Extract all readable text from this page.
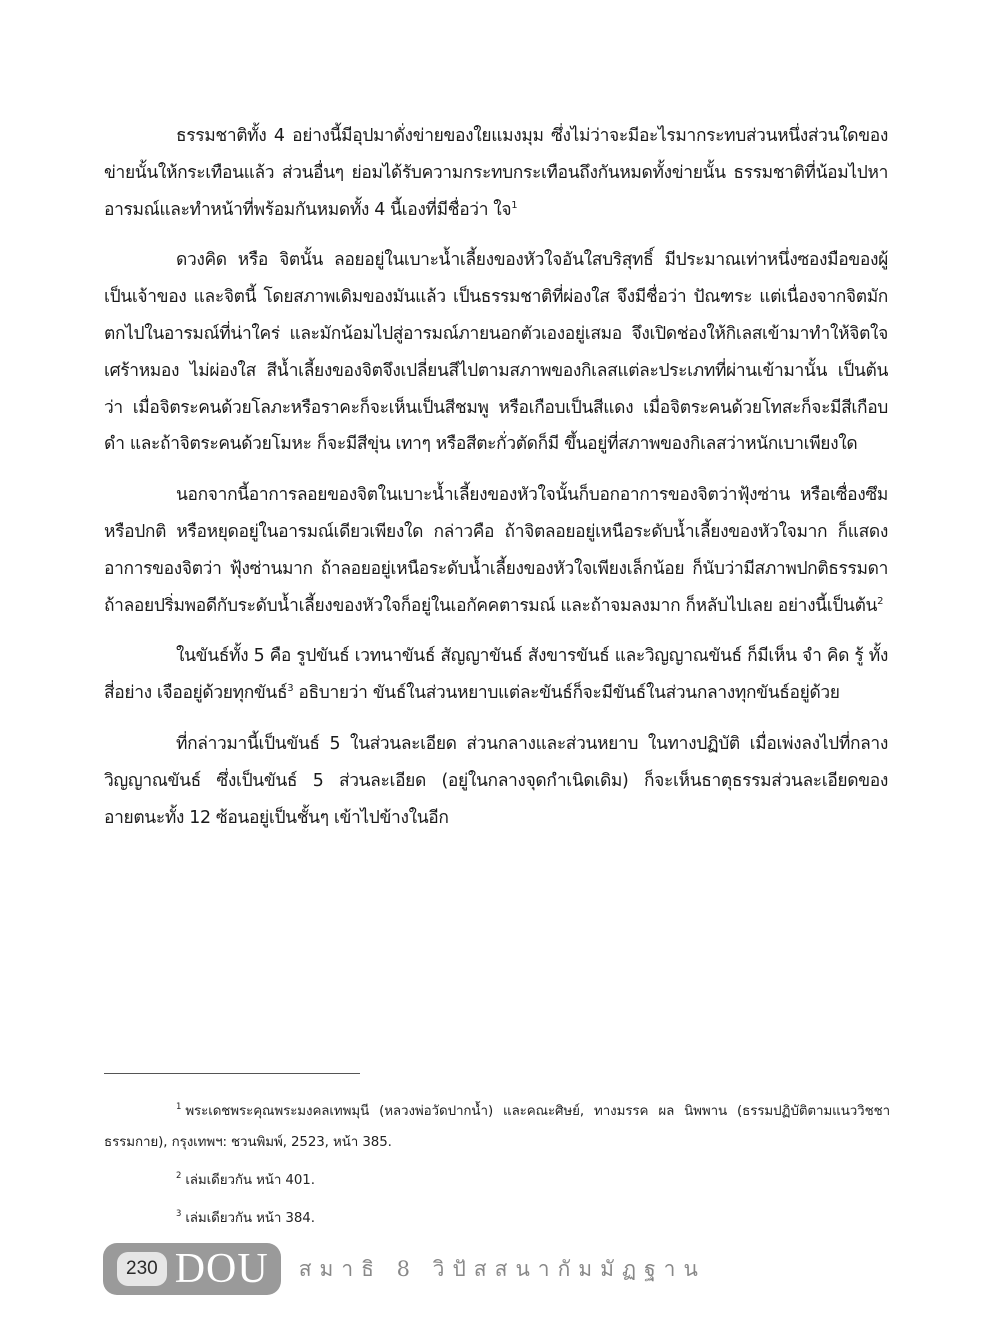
ธรรมชาติทั้ง 4 อย่างนี้มีอุปมาดั่งข่ายของใยแมงมุม ซึ่งไม่ว่าจะมีอะไรมากระทบส่วนหนึ่งส่วนใดของข่ายนั้นให้กระเทือนแล้ว ส่วนอื่นๆ ย่อมได้รับความกระทบกระเทือนถึงกันหมดทั้งข่ายนั้น ธรรมชาติที่น้อมไปหาอารมณ์และทำหน้าที่พร้อมกันหมดทั้ง 4 นี้เองที่มีชื่อว่า ใจ$^1$

ดวงคิด หรือ จิตนั้น ลอยอยู่ในเบาะน้ำเลี้ยงของหัวใจอันใสบริสุทธิ์ มีประมาณเท่าหนึ่งซองมือของผู้เป็นเจ้าของ และจิตนี้ โดยสภาพเดิมของมันแล้ว เป็นธรรมชาติที่ผ่องใส จึงมีชื่อว่า ปัณฑระ แต่เนื่องจากจิตมักตกไปในอารมณ์ที่น่าใคร่ และมักน้อมไปสู่อารมณ์ภายนอกตัวเองอยู่เสมอ จึงเปิดช่องให้กิเลสเข้ามาทำให้จิตใจเศร้าหมอง ไม่ผ่องใส สีน้ำเลี้ยงของจิตจึงเปลี่ยนสีไปตามสภาพของกิเลสแต่ละประเภทที่ผ่านเข้ามานั้น เป็นต้นว่า เมื่อจิตระคนด้วยโลภะหรือราคะก็จะเห็นเป็นสีชมพู หรือเกือบเป็นสีแดง เมื่อจิตระคนด้วยโทสะก็จะมีสีเกือบดำ และถ้าจิตระคนด้วยโมหะ ก็จะมีสีขุ่น เทาๆ หรือสีตะกั่วตัดก็มี ขึ้นอยู่ที่สภาพของกิเลสว่าหนักเบาเพียงใด

นอกจากนี้อาการลอยของจิตในเบาะน้ำเลี้ยงของหัวใจนั้นก็บอกอาการของจิตว่าฟุ้งซ่าน หรือเซื่องซึม หรือปกติ หรือหยุดอยู่ในอารมณ์เดียวเพียงใด กล่าวคือ ถ้าจิตลอยอยู่เหนือระดับน้ำเลี้ยงของหัวใจมาก ก็แสดงอาการของจิตว่า ฟุ้งซ่านมาก ถ้าลอยอยู่เหนือระดับน้ำเลี้ยงของหัวใจเพียงเล็กน้อย ก็นับว่ามีสภาพปกติธรรมดา ถ้าลอยปริ่มพอดีกับระดับน้ำเลี้ยงของหัวใจก็อยู่ในเอกัคคตารมณ์ และถ้าจมลงมาก ก็หลับไปเลย อย่างนี้เป็นต้น$^2$

ในขันธ์ทั้ง 5 คือ รูปขันธ์ เวทนาขันธ์ สัญญาขันธ์ สังขารขันธ์ และวิญญาณขันธ์ ก็มีเห็น จำ คิด รู้ ทั้งสี่อย่าง เจืออยู่ด้วยทุกขันธ์$^3$ อธิบายว่า ขันธ์ในส่วนหยาบแต่ละขันธ์ก็จะมีขันธ์ในส่วนกลางทุกขันธ์อยู่ด้วย

ที่กล่าวมานี้เป็นขันธ์ 5 ในส่วนละเอียด ส่วนกลางและส่วนหยาบ ในทางปฏิบัติ เมื่อเพ่งลงไปที่กลางวิญญาณขันธ์ ซึ่งเป็นขันธ์ 5 ส่วนละเอียด (อยู่ในกลางจุดกำเนิดเดิม) ก็จะเห็นธาตุธรรมส่วนละเอียดของอายตนะทั้ง 12 ซ้อนอยู่เป็นชั้นๆ เข้าไปข้างในอีก

$^1$ พระเดชพระคุณพระมงคลเทพมุนี (หลวงพ่อวัดปากน้ำ) และคณะศิษย์, ทางมรรค ผล นิพพาน (ธรรมปฏิบัติตามแนววิชชาธรรมกาย), กรุงเทพฯ: ชวนพิมพ์, 2523, หน้า 385.

$^2$ เล่มเดียวกัน หน้า 401.

$^3$ เล่มเดียวกัน หน้า 384.

230 DOU สมาธิ 8 วิปัสสนากัมมัฏฐาน
